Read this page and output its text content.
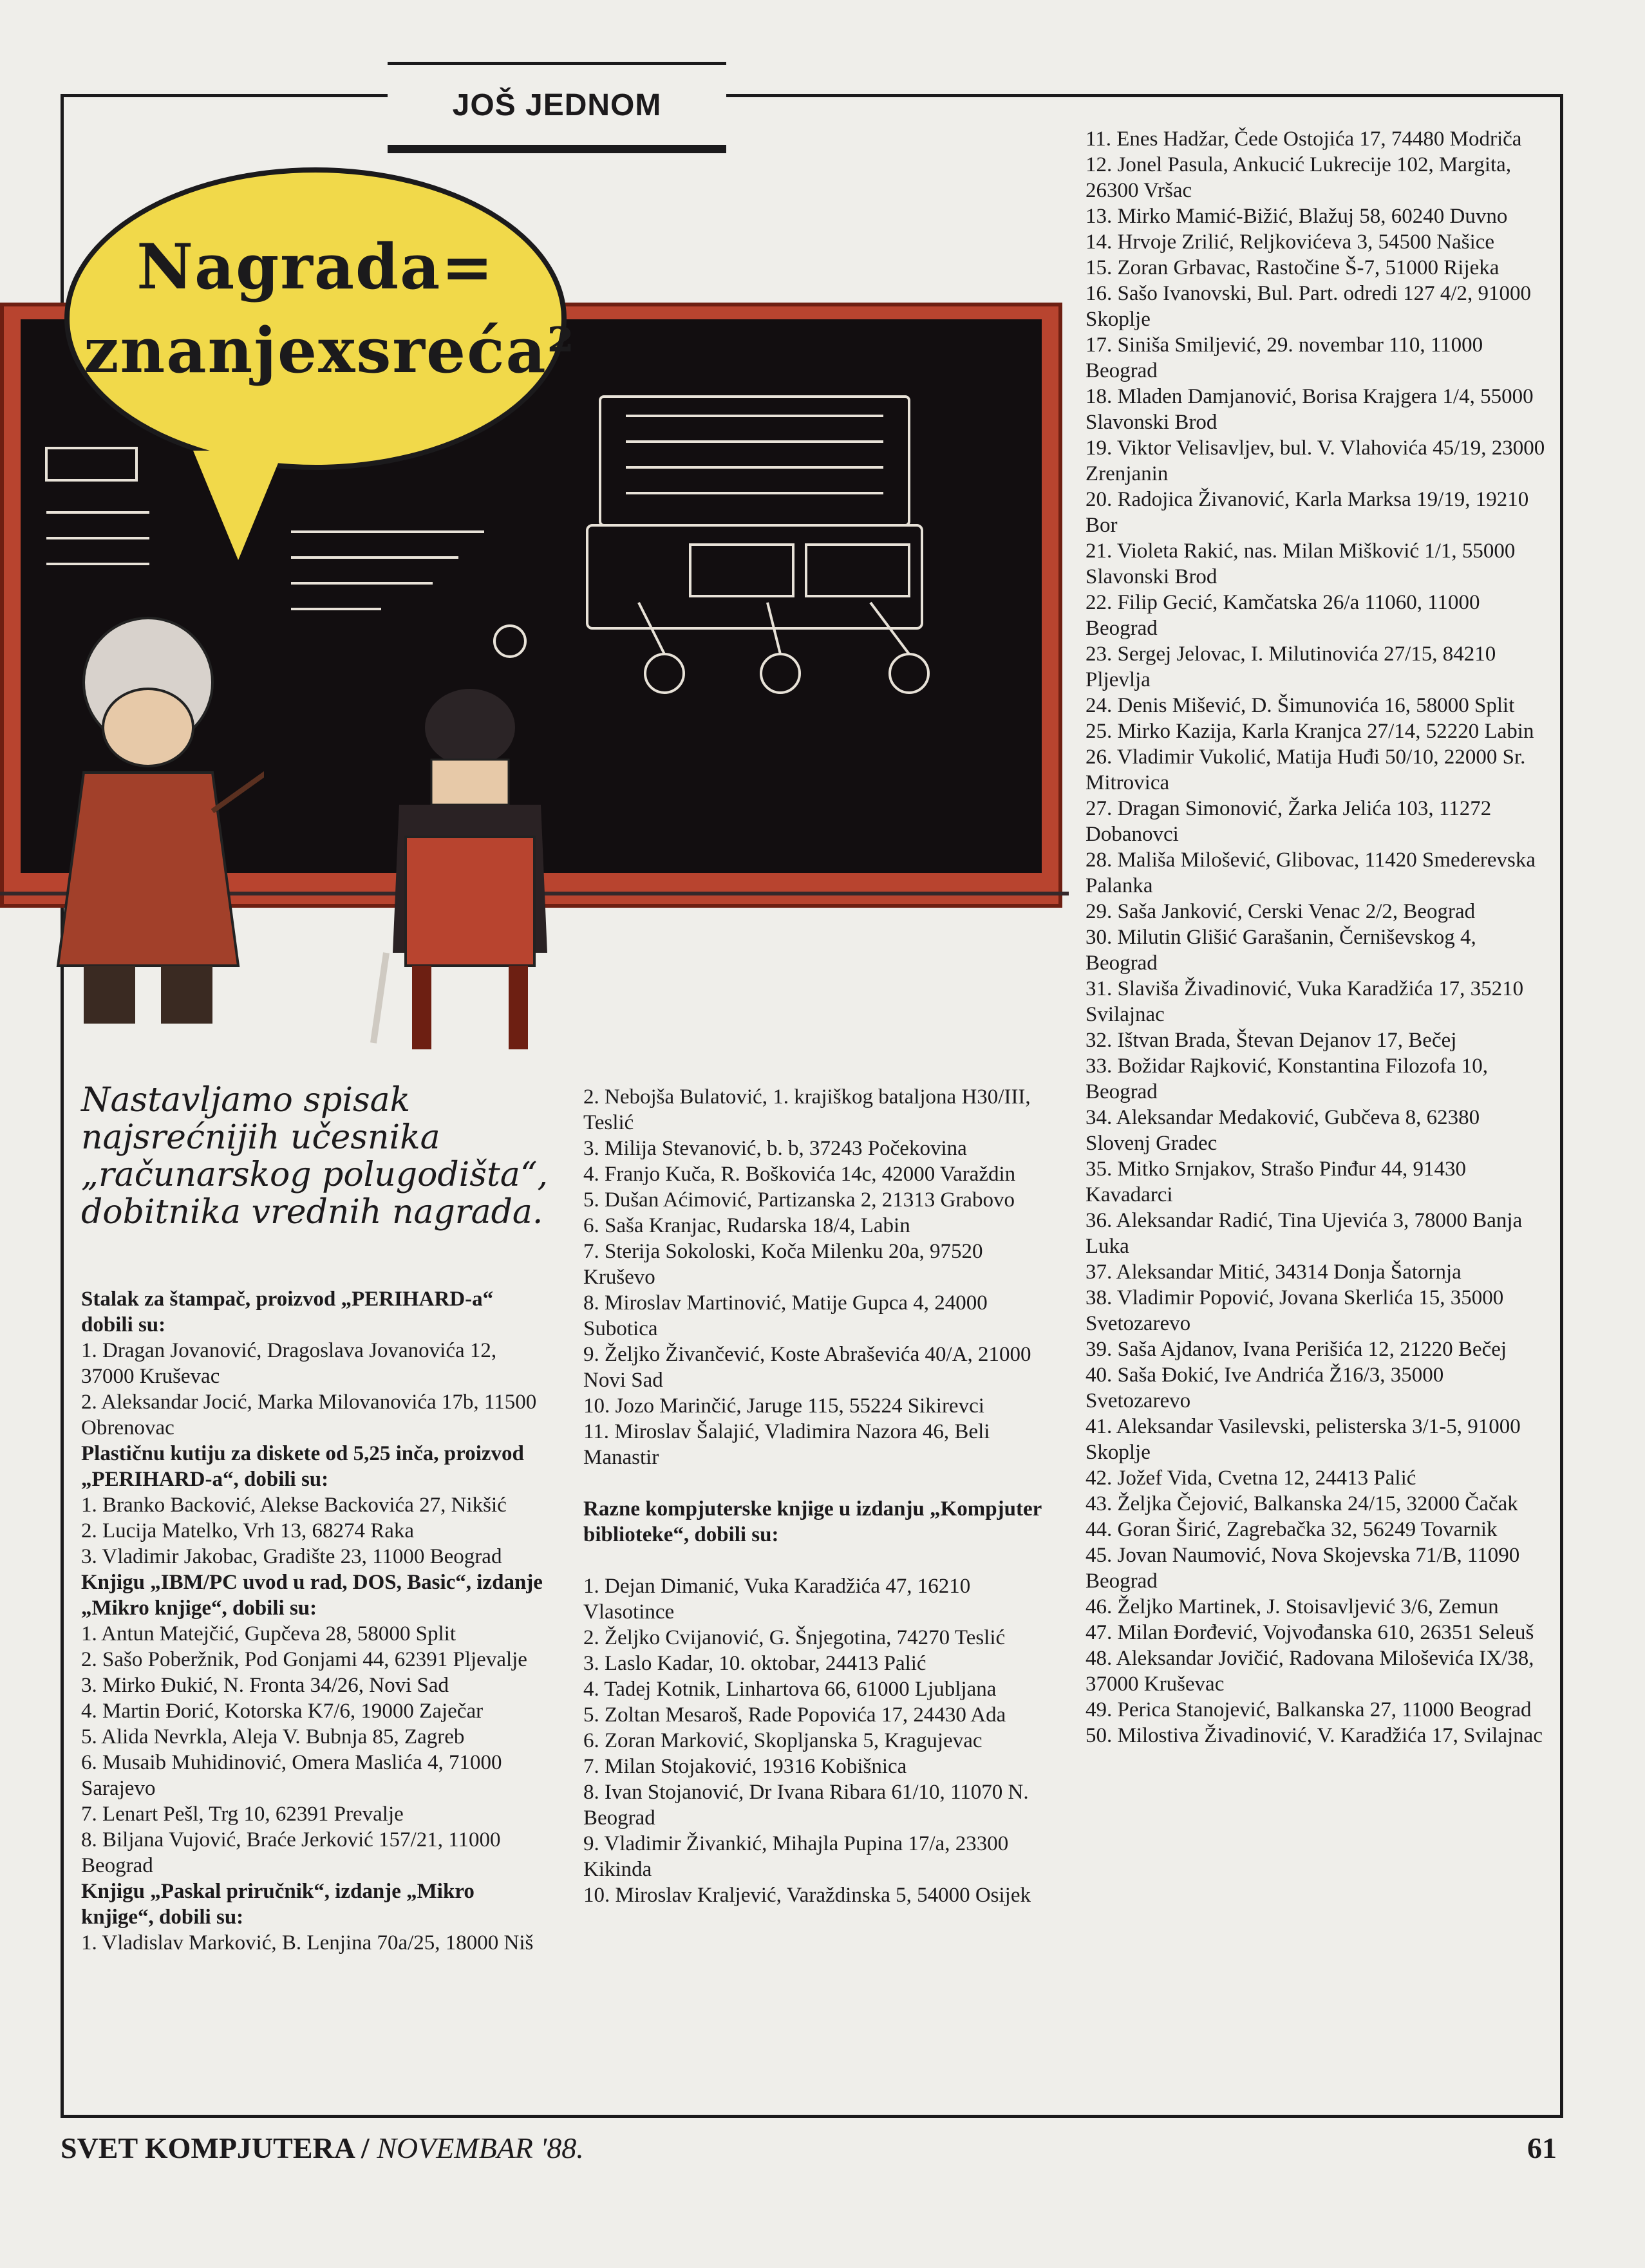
JOŠ JEDNOM
Nagrada=
znanjexsreća²
Nastavljamo spisak najsrećnijih učesnika „računarskog polugodišta“, dobitnika vrednih nagrada.

Stalak za štampač, proizvod „PERIHARD-a“ dobili su:

1. Dragan Jovanović, Dragoslava Jovanovića 12, 37000 Kruševac

2. Aleksandar Jocić, Marka Milovanovića 17b, 11500 Obrenovac

Plastičnu kutiju za diskete od 5,25 inča, proizvod „PERIHARD-a“, dobili su:

1. Branko Backović, Alekse Backovića 27, Nikšić

2. Lucija Matelko, Vrh 13, 68274 Raka

3. Vladimir Jakobac, Gradište 23, 11000 Beograd

Knjigu „IBM/PC uvod u rad, DOS, Basic“, izdanje „Mikro knjige“, dobili su:

1. Antun Matejčić, Gupčeva 28, 58000 Split

2. Sašo Poberžnik, Pod Gonjami 44, 62391 Pljevalje

3. Mirko Đukić, N. Fronta 34/26, Novi Sad

4. Martin Đorić, Kotorska K7/6, 19000 Zaječar

5. Alida Nevrkla, Aleja V. Bubnja 85, Zagreb

6. Musaib Muhidinović, Omera Maslića 4, 71000 Sarajevo

7. Lenart Pešl, Trg 10, 62391 Prevalje

8. Biljana Vujović, Braće Jerković 157/21, 11000 Beograd

Knjigu „Paskal priručnik“, izdanje „Mikro knjige“, dobili su:

1. Vladislav Marković, B. Lenjina 70a/25, 18000 Niš

2. Nebojša Bulatović, 1. krajiškog bataljona H30/III, Teslić

3. Milija Stevanović, b. b, 37243 Počekovina

4. Franjo Kuča, R. Boškovića 14c, 42000 Varaždin

5. Dušan Aćimović, Partizanska 2, 21313 Grabovo

6. Saša Kranjac, Rudarska 18/4, Labin

7. Sterija Sokoloski, Koča Milenku 20a, 97520 Kruševo

8. Miroslav Martinović, Matije Gupca 4, 24000 Subotica

9. Željko Živančević, Koste Abraševića 40/A, 21000 Novi Sad

10. Jozo Marinčić, Jaruge 115, 55224 Sikirevci

11. Miroslav Šalajić, Vladimira Nazora 46, Beli Manastir

Razne kompjuterske knjige u izdanju „Kompjuter biblioteke“, dobili su:

1. Dejan Dimanić, Vuka Karadžića 47, 16210 Vlasotince

2. Željko Cvijanović, G. Šnjegotina, 74270 Teslić

3. Laslo Kadar, 10. oktobar, 24413 Palić

4. Tadej Kotnik, Linhartova 66, 61000 Ljubljana

5. Zoltan Mesaroš, Rade Popovića 17, 24430 Ada

6. Zoran Marković, Skopljanska 5, Kragujevac

7. Milan Stojaković, 19316 Kobišnica

8. Ivan Stojanović, Dr Ivana Ribara 61/10, 11070 N. Beograd

9. Vladimir Živankić, Mihajla Pupina 17/a, 23300 Kikinda

10. Miroslav Kraljević, Varaždinska 5, 54000 Osijek

11. Enes Hadžar, Čede Ostojića 17, 74480 Modriča

12. Jonel Pasula, Ankucić Lukrecije 102, Margita, 26300 Vršac

13. Mirko Mamić-Bižić, Blažuj 58, 60240 Duvno

14. Hrvoje Zrilić, Reljkovićeva 3, 54500 Našice

15. Zoran Grbavac, Rastočine Š-7, 51000 Rijeka

16. Sašo Ivanovski, Bul. Part. odredi 127 4/2, 91000 Skoplje

17. Siniša Smiljević, 29. novembar 110, 11000 Beograd

18. Mladen Damjanović, Borisa Krajgera 1/4, 55000 Slavonski Brod

19. Viktor Velisavljev, bul. V. Vlahovića 45/19, 23000 Zrenjanin

20. Radojica Živanović, Karla Marksa 19/19, 19210 Bor

21. Violeta Rakić, nas. Milan Mišković 1/1, 55000 Slavonski Brod

22. Filip Gecić, Kamčatska 26/a 11060, 11000 Beograd

23. Sergej Jelovac, I. Milutinovića 27/15, 84210 Pljevlja

24. Denis Mišević, D. Šimunovića 16, 58000 Split

25. Mirko Kazija, Karla Kranjca 27/14, 52220 Labin

26. Vladimir Vukolić, Matija Huđi 50/10, 22000 Sr. Mitrovica

27. Dragan Simonović, Žarka Jelića 103, 11272 Dobanovci

28. Mališa Milošević, Glibovac, 11420 Smederevska Palanka

29. Saša Janković, Cerski Venac 2/2, Beograd

30. Milutin Glišić Garašanin, Černiševskog 4, Beograd

31. Slaviša Živadinović, Vuka Karadžića 17, 35210 Svilajnac

32. Ištvan Brada, Števan Dejanov 17, Bečej

33. Božidar Rajković, Konstantina Filozofa 10, Beograd

34. Aleksandar Medaković, Gubčeva 8, 62380 Slovenj Gradec

35. Mitko Srnjakov, Strašo Pinđur 44, 91430 Kavadarci

36. Aleksandar Radić, Tina Ujevića 3, 78000 Banja Luka

37. Aleksandar Mitić, 34314 Donja Šatornja

38. Vladimir Popović, Jovana Skerlića 15, 35000 Svetozarevo

39. Saša Ajdanov, Ivana Perišića 12, 21220 Bečej

40. Saša Đokić, Ive Andrića Ž16/3, 35000 Svetozarevo

41. Aleksandar Vasilevski, pelisterska 3/1-5, 91000 Skoplje

42. Jožef Vida, Cvetna 12, 24413 Palić

43. Željka Čejović, Balkanska 24/15, 32000 Čačak

44. Goran Širić, Zagrebačka 32, 56249 Tovarnik

45. Jovan Naumović, Nova Skojevska 71/B, 11090 Beograd

46. Željko Martinek, J. Stoisavljević 3/6, Zemun

47. Milan Đorđević, Vojvođanska 610, 26351 Seleuš

48. Aleksandar Jovičić, Radovana Miloševića IX/38, 37000 Kruševac

49. Perica Stanojević, Balkanska 27, 11000 Beograd

50. Milostiva Živadinović, V. Karadžića 17, Svilajnac

SVET KOMPJUTERA / NOVEMBAR '88.	61
